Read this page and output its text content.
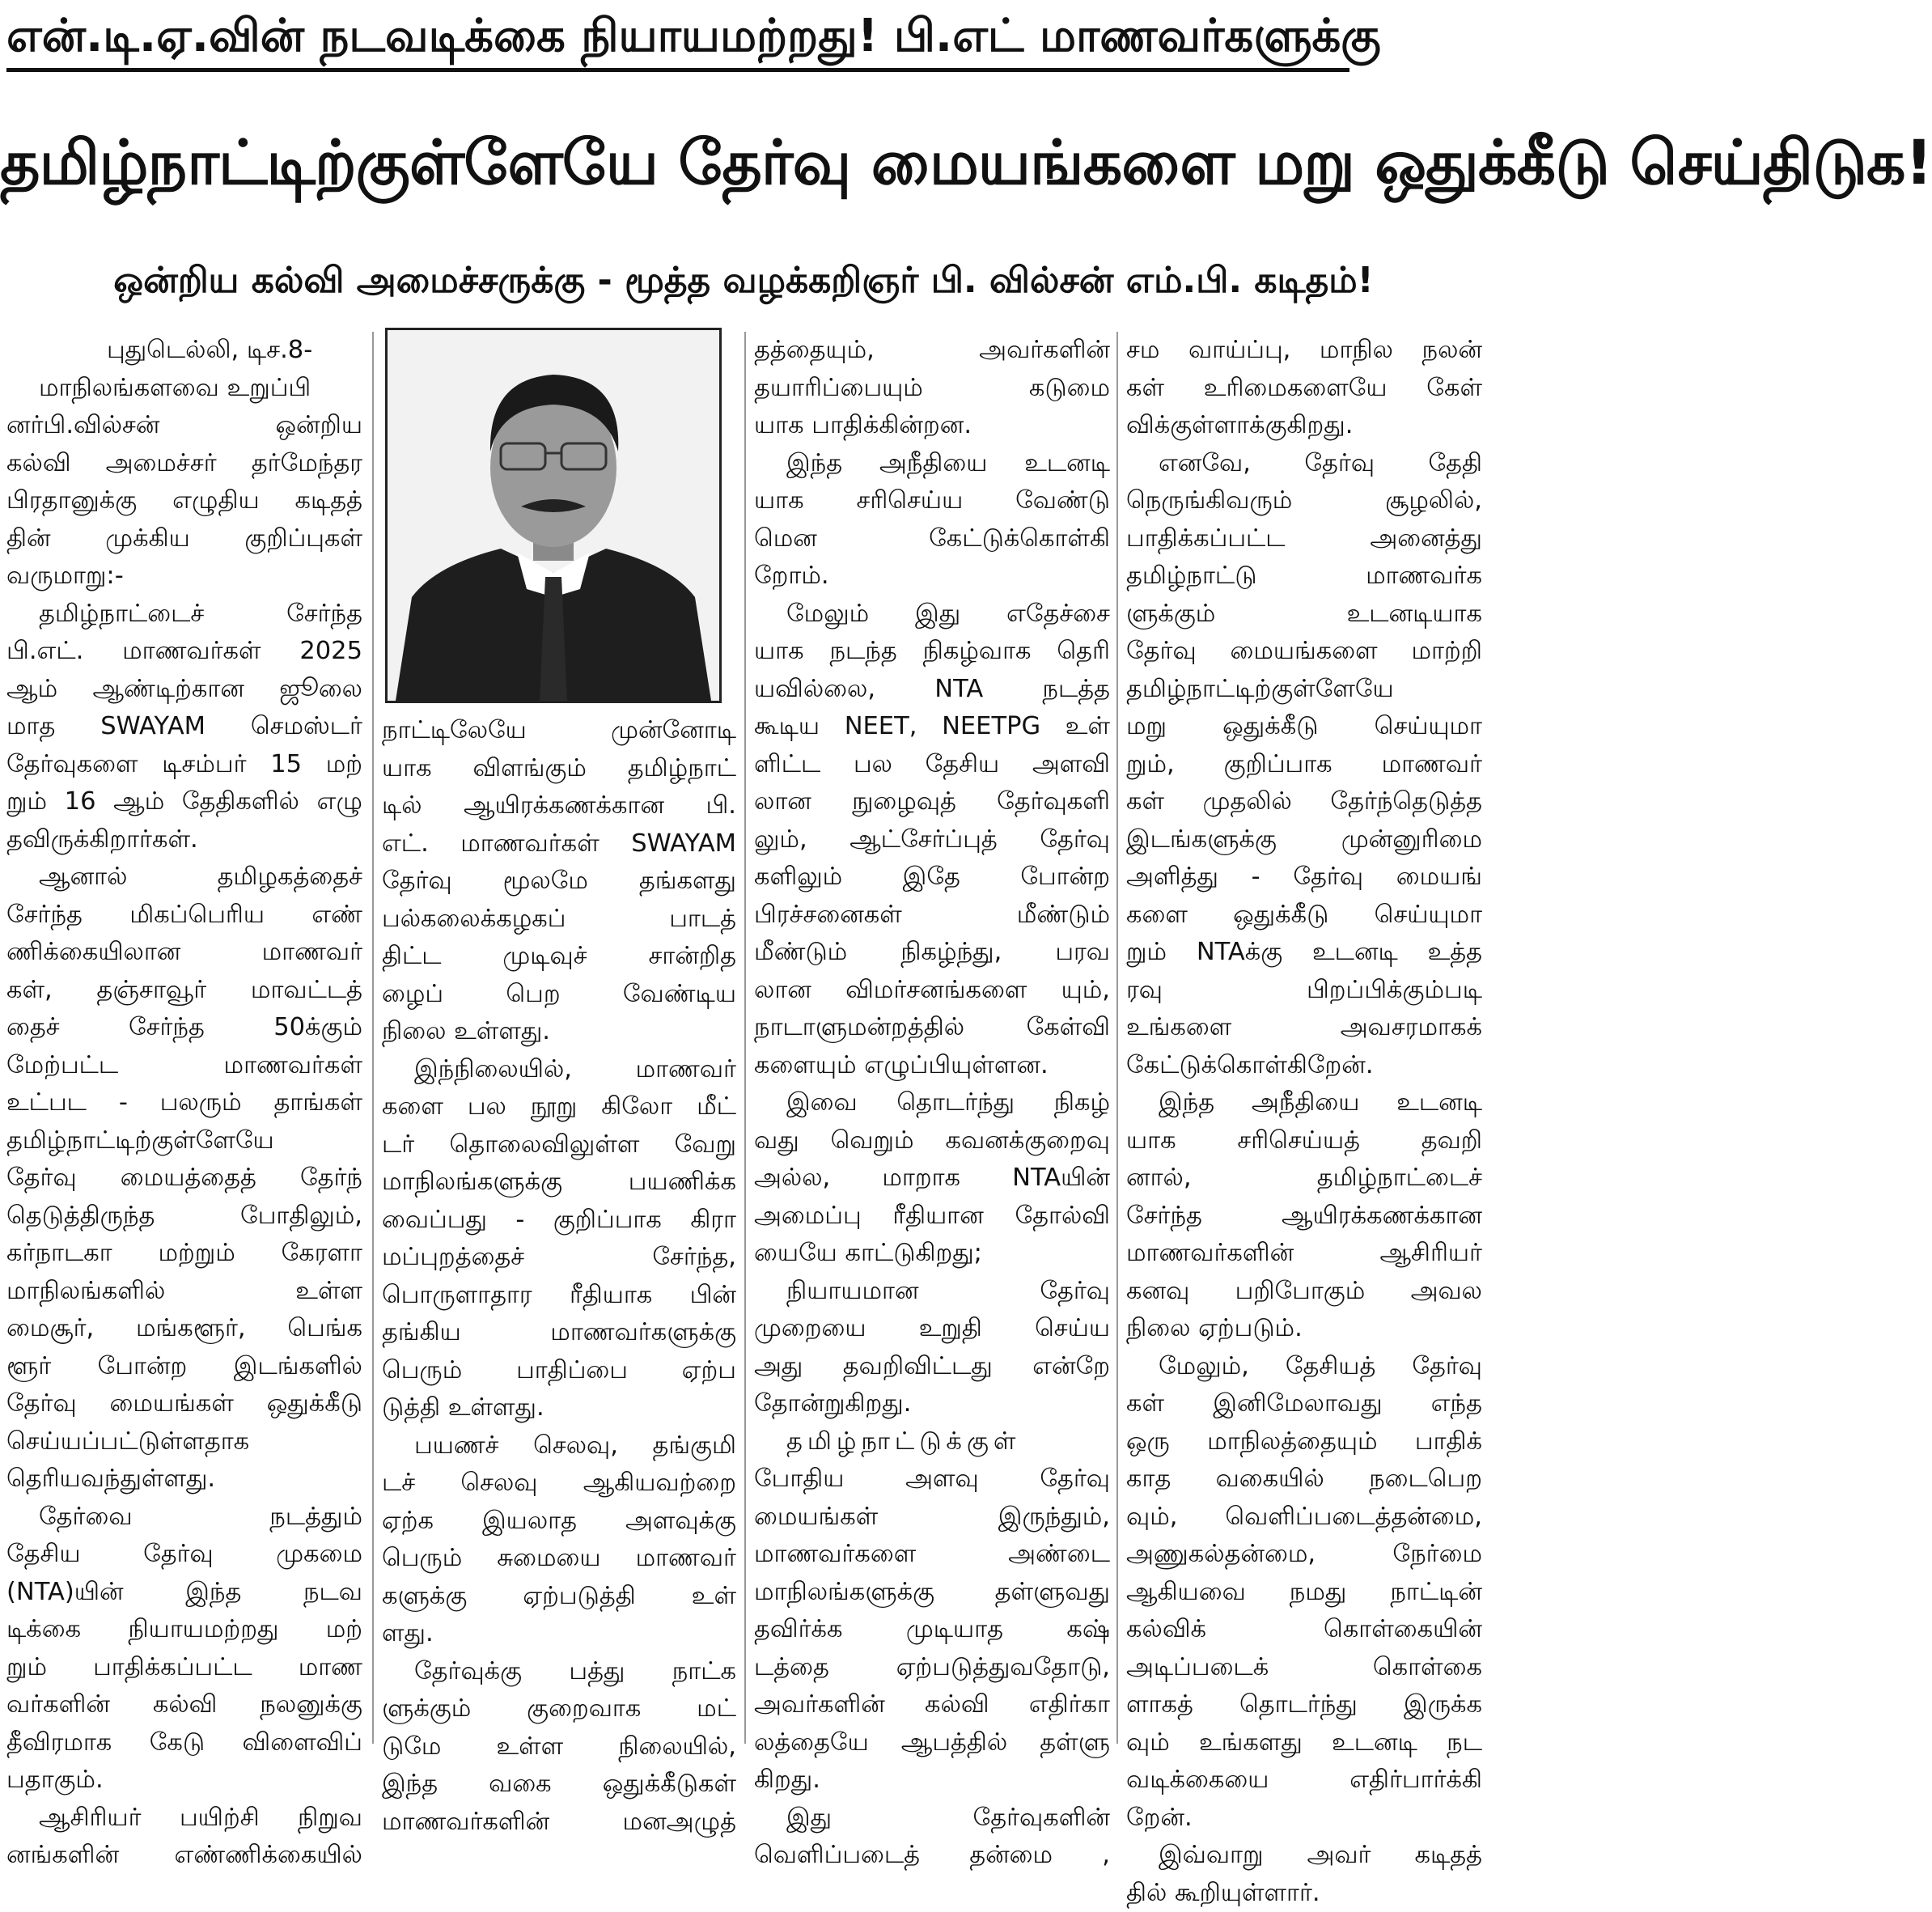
என்.டி.ஏ.வின் நடவடிக்கை நியாயமற்றது! பி.எட் மாணவர்களுக்கு
தமிழ்நாட்டிற்குள்ளேயே தேர்வு மையங்களை மறு ஒதுக்கீடு செய்திடுக!
ஒன்றிய கல்வி அமைச்சருக்கு - மூத்த வழக்கறிஞர் பி. வில்சன் எம்.பி. கடிதம்!
புதுடெல்லி, டிச.8-
மாநிலங்களவை உறுப்பி
னர்பி.வில்சன் ஒன்றிய
கல்வி அமைச்சர் தர்மேந்தர
பிரதானுக்கு எழுதிய கடிதத்
தின் முக்கிய குறிப்புகள்
வருமாறு:-
தமிழ்நாட்டைச் சேர்ந்த
பி.எட். மாணவர்கள் 2025
ஆம் ஆண்டிற்கான ஜூலை
மாத SWAYAM செமஸ்டர்
தேர்வுகளை டிசம்பர் 15 மற்
றும் 16 ஆம் தேதிகளில் எழு
தவிருக்கிறார்கள்.
ஆனால் தமிழகத்தைச்
சேர்ந்த மிகப்பெரிய எண்
ணிக்கையிலான மாணவர்
கள், தஞ்சாவூர் மாவட்டத்
தைச் சேர்ந்த 50க்கும்
மேற்பட்ட மாணவர்கள்
உட்பட - பலரும் தாங்கள்
தமிழ்நாட்டிற்குள்ளேயே
தேர்வு மையத்தைத் தேர்ந்
தெடுத்திருந்த போதிலும்,
கர்நாடகா மற்றும் கேரளா
மாநிலங்களில் உள்ள
மைசூர், மங்களூர், பெங்க
ளூர் போன்ற இடங்களில்
தேர்வு மையங்கள் ஒதுக்கீடு
செய்யப்பட்டுள்ளதாக
தெரியவந்துள்ளது.
தேர்வை நடத்தும்
தேசிய தேர்வு முகமை
(NTA)யின் இந்த நடவ
டிக்கை நியாயமற்றது மற்
றும் பாதிக்கப்பட்ட மாண
வர்களின் கல்வி நலனுக்கு
தீவிரமாக கேடு விளைவிப்
பதாகும்.
ஆசிரியர் பயிற்சி நிறுவ
னங்களின் எண்ணிக்கையில்
நாட்டிலேயே முன்னோடி
யாக விளங்கும் தமிழ்நாட்
டில் ஆயிரக்கணக்கான பி.
எட். மாணவர்கள் SWAYAM
தேர்வு மூலமே தங்களது
பல்கலைக்கழகப் பாடத்
திட்ட முடிவுச் சான்றித
ழைப் பெற வேண்டிய
நிலை உள்ளது.
இந்நிலையில், மாணவர்
களை பல நூறு கிலோ மீட்
டர் தொலைவிலுள்ள வேறு
மாநிலங்களுக்கு பயணிக்க
வைப்பது - குறிப்பாக கிரா
மப்புறத்தைச் சேர்ந்த,
பொருளாதார ரீதியாக பின்
தங்கிய மாணவர்களுக்கு
பெரும் பாதிப்பை ஏற்ப
டுத்தி உள்ளது.
பயணச் செலவு, தங்குமி
டச் செலவு ஆகியவற்றை
ஏற்க இயலாத அளவுக்கு
பெரும் சுமையை மாணவர்
களுக்கு ஏற்படுத்தி உள்
ளது.
தேர்வுக்கு பத்து நாட்க
ளுக்கும் குறைவாக மட்
டுமே உள்ள நிலையில்,
இந்த வகை ஒதுக்கீடுகள்
மாணவர்களின் மனஅழுத்
தத்தையும், அவர்களின்
தயாரிப்பையும் கடுமை
யாக பாதிக்கின்றன.
இந்த அநீதியை உடனடி
யாக சரிசெய்ய வேண்டு
மென கேட்டுக்கொள்கி
றோம்.
மேலும் இது எதேச்சை
யாக நடந்த நிகழ்வாக தெரி
யவில்லை, NTA நடத்த
கூடிய NEET, NEETPG உள்
ளிட்ட பல தேசிய அளவி
லான நுழைவுத் தேர்வுகளி
லும், ஆட்சேர்ப்புத் தேர்வு
களிலும் இதே போன்ற
பிரச்சனைகள் மீண்டும்
மீண்டும் நிகழ்ந்து, பரவ
லான விமர்சனங்களை யும்,
நாடாளுமன்றத்தில் கேள்வி
களையும் எழுப்பியுள்ளன.
இவை தொடர்ந்து நிகழ்
வது வெறும் கவனக்குறைவு
அல்ல, மாறாக NTAயின்
அமைப்பு ரீதியான தோல்வி
யையே காட்டுகிறது;
நியாயமான தேர்வு
முறையை உறுதி செய்ய
அது தவறிவிட்டது என்றே
தோன்றுகிறது.
தமிழ்நாட்டுக்குள்
போதிய அளவு தேர்வு
மையங்கள் இருந்தும்,
மாணவர்களை அண்டை
மாநிலங்களுக்கு தள்ளுவது
தவிர்க்க முடியாத கஷ்
டத்தை ஏற்படுத்துவதோடு,
அவர்களின் கல்வி எதிர்கா
லத்தையே ஆபத்தில் தள்ளு
கிறது.
இது தேர்வுகளின்
வெளிப்படைத் தன்மை ,
சம வாய்ப்பு, மாநில நலன்
கள் உரிமைகளையே கேள்
விக்குள்ளாக்குகிறது.
எனவே, தேர்வு தேதி
நெருங்கிவரும் சூழலில்,
பாதிக்கப்பட்ட அனைத்து
தமிழ்நாட்டு மாணவர்க
ளுக்கும் உடனடியாக
தேர்வு மையங்களை மாற்றி
தமிழ்நாட்டிற்குள்ளேயே
மறு ஒதுக்கீடு செய்யுமா
றும், குறிப்பாக மாணவர்
கள் முதலில் தேர்ந்தெடுத்த
இடங்களுக்கு முன்னுரிமை
அளித்து - தேர்வு மையங்
களை ஒதுக்கீடு செய்யுமா
றும் NTAக்கு உடனடி உத்த
ரவு பிறப்பிக்கும்படி
உங்களை அவசரமாகக்
கேட்டுக்கொள்கிறேன்.
இந்த அநீதியை உடனடி
யாக சரிசெய்யத் தவறி
னால், தமிழ்நாட்டைச்
சேர்ந்த ஆயிரக்கணக்கான
மாணவர்களின் ஆசிரியர்
கனவு பறிபோகும் அவல
நிலை ஏற்படும்.
மேலும், தேசியத் தேர்வு
கள் இனிமேலாவது எந்த
ஒரு மாநிலத்தையும் பாதிக்
காத வகையில் நடைபெற
வும், வெளிப்படைத்தன்மை,
அணுகல்தன்மை, நேர்மை
ஆகியவை நமது நாட்டின்
கல்விக் கொள்கையின்
அடிப்படைக் கொள்கை
ளாகத் தொடர்ந்து இருக்க
வும் உங்களது உடனடி நட
வடிக்கையை எதிர்பார்க்கி
றேன்.
இவ்வாறு அவர் கடிதத்
தில் கூறியுள்ளார்.
